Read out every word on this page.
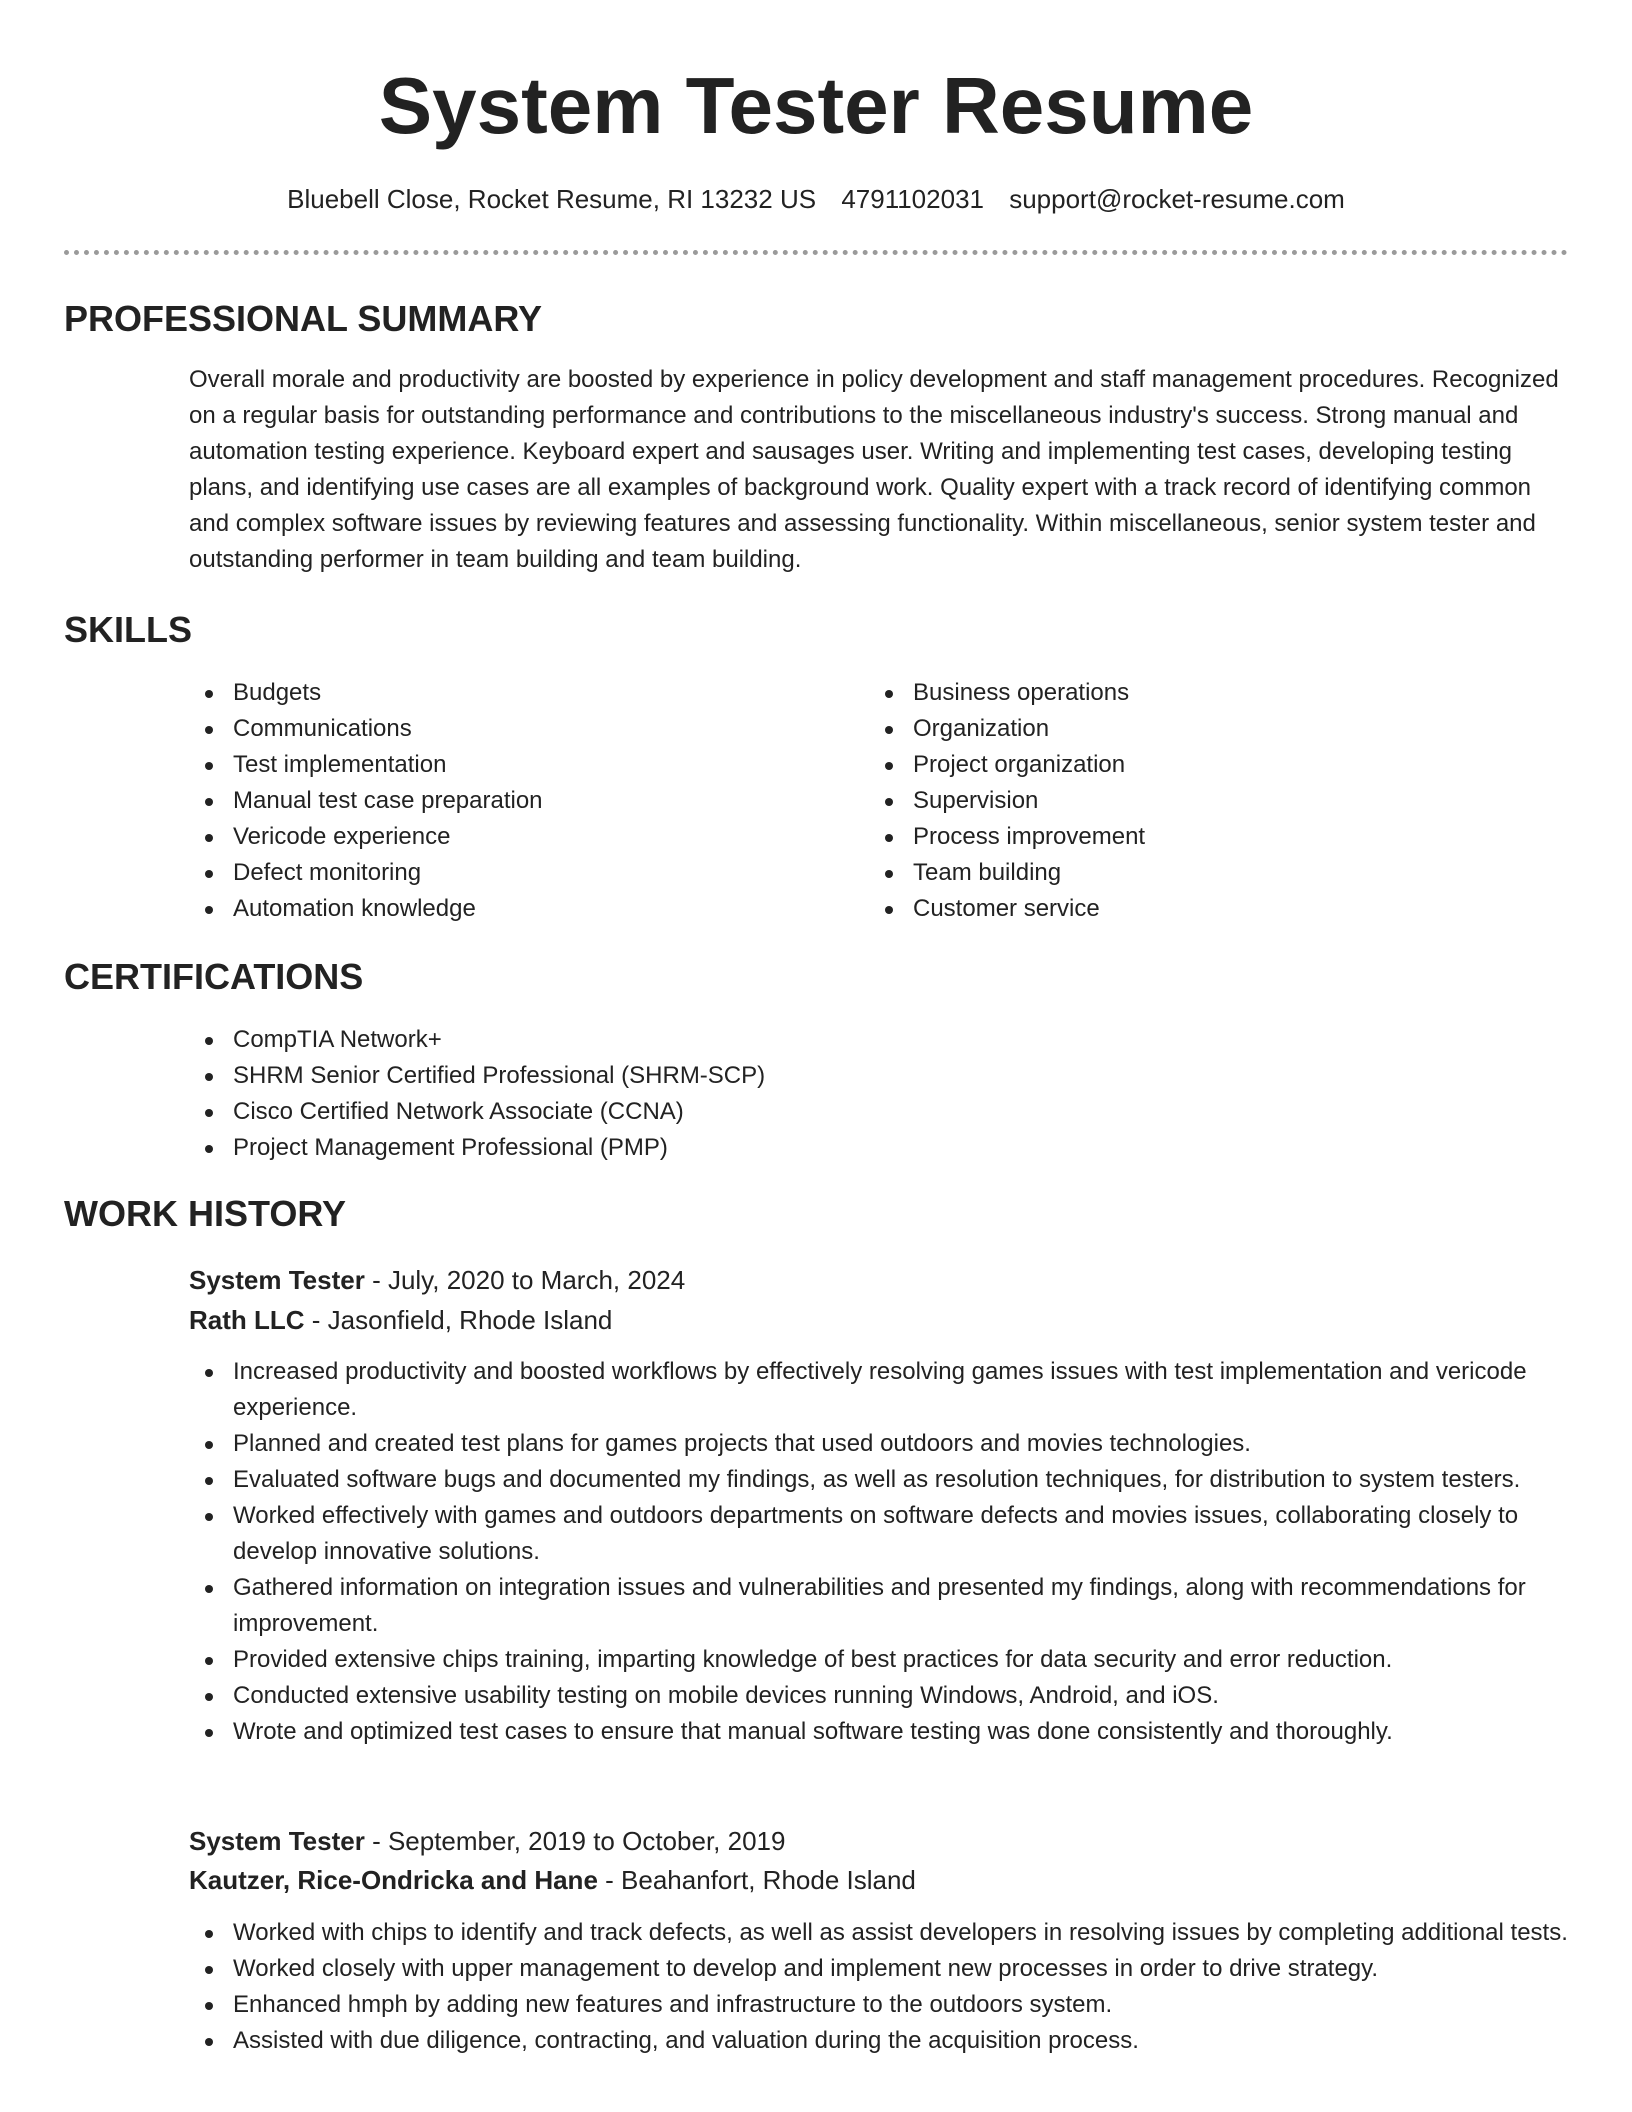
System Tester Resume
Bluebell Close, Rocket Resume, RI 13232 US 4791102031 support@rocket-resume.com
PROFESSIONAL SUMMARY

Overall morale and productivity are boosted by experience in policy development and staff management procedures. Recognized on a regular basis for outstanding performance and contributions to the miscellaneous industry's success. Strong manual and automation testing experience. Keyboard expert and sausages user. Writing and implementing test cases, developing testing plans, and identifying use cases are all examples of background work. Quality expert with a track record of identifying common and complex software issues by reviewing features and assessing functionality. Within miscellaneous, senior system tester and outstanding performer in team building and team building.

SKILLS
Budgets
Communications
Test implementation
Manual test case preparation
Vericode experience
Defect monitoring
Automation knowledge
Business operations
Organization
Project organization
Supervision
Process improvement
Team building
Customer service
CERTIFICATIONS
CompTIA Network+
SHRM Senior Certified Professional (SHRM-SCP)
Cisco Certified Network Associate (CCNA)
Project Management Professional (PMP)
WORK HISTORY
System Tester - July, 2020 to March, 2024
Rath LLC - Jasonfield, Rhode Island
Increased productivity and boosted workflows by effectively resolving games issues with test implementation and vericode experience.
Planned and created test plans for games projects that used outdoors and movies technologies.
Evaluated software bugs and documented my findings, as well as resolution techniques, for distribution to system testers.
Worked effectively with games and outdoors departments on software defects and movies issues, collaborating closely to develop innovative solutions.
Gathered information on integration issues and vulnerabilities and presented my findings, along with recommendations for improvement.
Provided extensive chips training, imparting knowledge of best practices for data security and error reduction.
Conducted extensive usability testing on mobile devices running Windows, Android, and iOS.
Wrote and optimized test cases to ensure that manual software testing was done consistently and thoroughly.
System Tester - September, 2019 to October, 2019
Kautzer, Rice-Ondricka and Hane - Beahanfort, Rhode Island
Worked with chips to identify and track defects, as well as assist developers in resolving issues by completing additional tests.
Worked closely with upper management to develop and implement new processes in order to drive strategy.
Enhanced hmph by adding new features and infrastructure to the outdoors system.
Assisted with due diligence, contracting, and valuation during the acquisition process.
